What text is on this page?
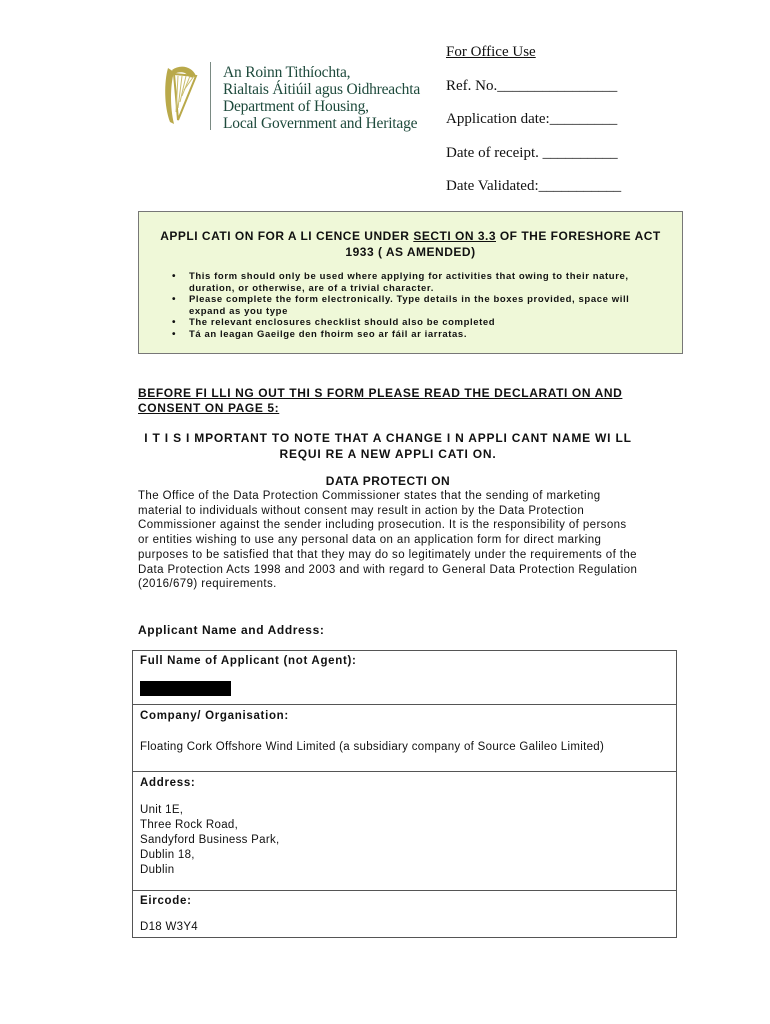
An Roinn Tithíochta,
Rialtais Áitiúil agus Oidhreachta
Department of Housing,
Local Government and Heritage
For Office Use
Ref. No.________________
Application date:_________
Date of receipt. __________
Date Validated:___________
APPLI CATI ON FOR A LI CENCE UNDER SECTI ON 3.3 OF THE FORESHORE ACT
1933 ( AS AMENDED)
• This form should only be used where applying for activities that owing to their nature, duration, or otherwise, are of a trivial character.
• Please complete the form electronically. Type details in the boxes provided, space will expand as you type
• The relevant enclosures checklist should also be completed
• Tá an leagan Gaeilge den fhoirm seo ar fáil ar iarratas.
BEFORE FI LLI NG OUT THI S FORM PLEASE READ THE DECLARATI ON AND CONSENT ON PAGE 5:
I T I S I MPORTANT TO NOTE THAT A CHANGE I N APPLI CANT NAME WI LL REQUI RE A NEW APPLI CATI ON.
DATA PROTECTI ON
The Office of the Data Protection Commissioner states that the sending of marketing material to individuals without consent may result in action by the Data Protection Commissioner against the sender including prosecution. It is the responsibility of persons or entities wishing to use any personal data on an application form for direct marking purposes to be satisfied that that they may do so legitimately under the requirements of the Data Protection Acts 1998 and 2003 and with regard to General Data Protection Regulation (2016/679) requirements.
Applicant Name and Address:
Full Name of Applicant (not Agent):
Company/ Organisation:
Floating Cork Offshore Wind Limited (a subsidiary company of Source Galileo Limited)
Address:
Unit 1E,
Three Rock Road,
Sandyford Business Park,
Dublin 18,
Dublin
Eircode:
D18 W3Y4
